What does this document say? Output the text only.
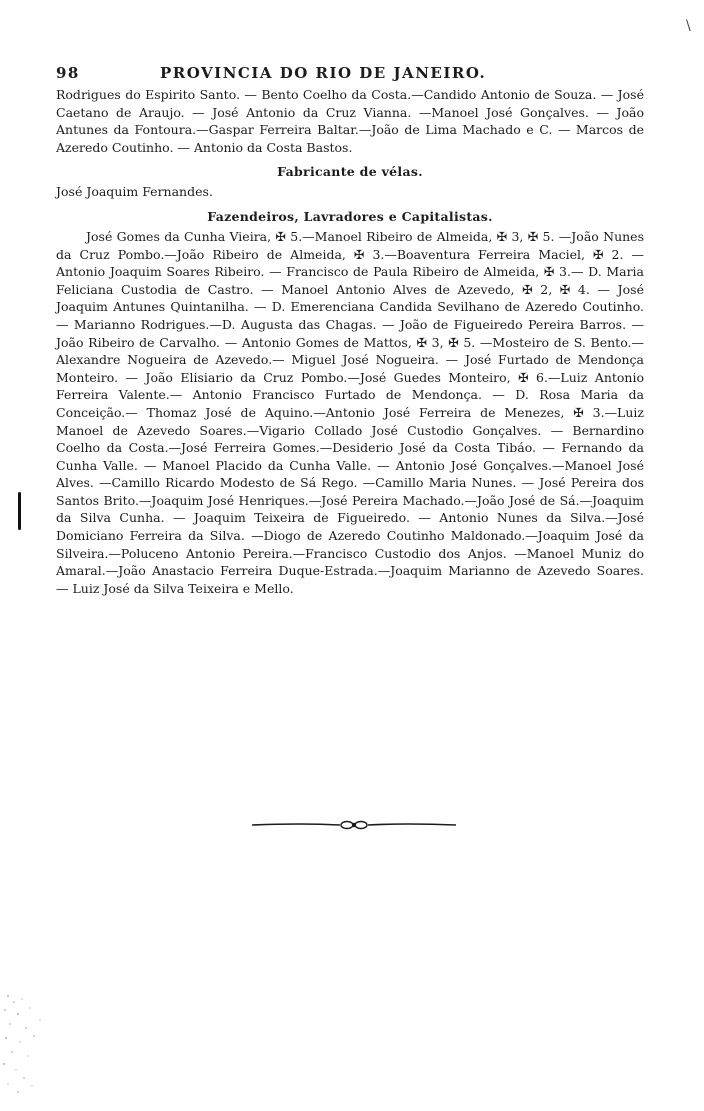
\
98	PROVINCIA DO RIO DE JANEIRO.

Rodrigues do Espirito Santo. — Bento Coelho da Costa.—Candido Antonio de Souza. — José Caetano de Araujo. — José Antonio da Cruz Vianna. —Manoel José Gonçalves. — João Antunes da Fontoura.—Gaspar Ferreira Baltar.—João de Lima Machado e C. — Marcos de Azeredo Coutinho. — Antonio da Costa Bastos.

Fabricante de vélas.

José Joaquim Fernandes.

Fazendeiros, Lavradores e Capitalistas.

José Gomes da Cunha Vieira, ✠ 5.—Manoel Ribeiro de Almeida, ✠ 3, ✠ 5. —João Nunes da Cruz Pombo.—João Ribeiro de Almeida, ✠ 3.—Boaventura Ferreira Maciel, ✠ 2. — Antonio Joaquim Soares Ribeiro. — Francisco de Paula Ribeiro de Almeida, ✠ 3.— D. Maria Feliciana Custodia de Castro. — Manoel Antonio Alves de Azevedo, ✠ 2, ✠ 4. — José Joaquim Antunes Quintanilha. — D. Emerenciana Candida Sevilhano de Azeredo Coutinho. — Marianno Rodrigues.—D. Augusta das Chagas. — João de Figueiredo Pereira Barros. — João Ribeiro de Carvalho. — Antonio Gomes de Mattos, ✠ 3, ✠ 5. —Mosteiro de S. Bento.—Alexandre Nogueira de Azevedo.— Miguel José Nogueira. — José Furtado de Mendonça Monteiro. — João Elisiario da Cruz Pombo.—José Guedes Monteiro, ✠ 6.—Luiz Antonio Ferreira Valente.— Antonio Francisco Furtado de Mendonça. — D. Rosa Maria da Conceição.— Thomaz José de Aquino.—Antonio José Ferreira de Menezes, ✠ 3.—Luiz Manoel de Azevedo Soares.—Vigario Collado José Custodio Gonçalves. — Bernardino Coelho da Costa.—José Ferreira Gomes.—Desiderio José da Costa Tibáo. — Fernando da Cunha Valle. — Manoel Placido da Cunha Valle. — Antonio José Gonçalves.—Manoel José Alves. —Camillo Ricardo Modesto de Sá Rego. —Camillo Maria Nunes. — José Pereira dos Santos Brito.—Joaquim José Henriques.—José Pereira Machado.—João José de Sá.—Joaquim da Silva Cunha. — Joaquim Teixeira de Figueiredo. — Antonio Nunes da Silva.—José Domiciano Ferreira da Silva. —Diogo de Azeredo Coutinho Maldonado.—Joaquim José da Silveira.—Poluceno Antonio Pereira.—Francisco Custodio dos Anjos. —Manoel Muniz do Amaral.—João Anastacio Ferreira Duque-Estrada.—Joaquim Marianno de Azevedo Soares. — Luiz José da Silva Teixeira e Mello.
